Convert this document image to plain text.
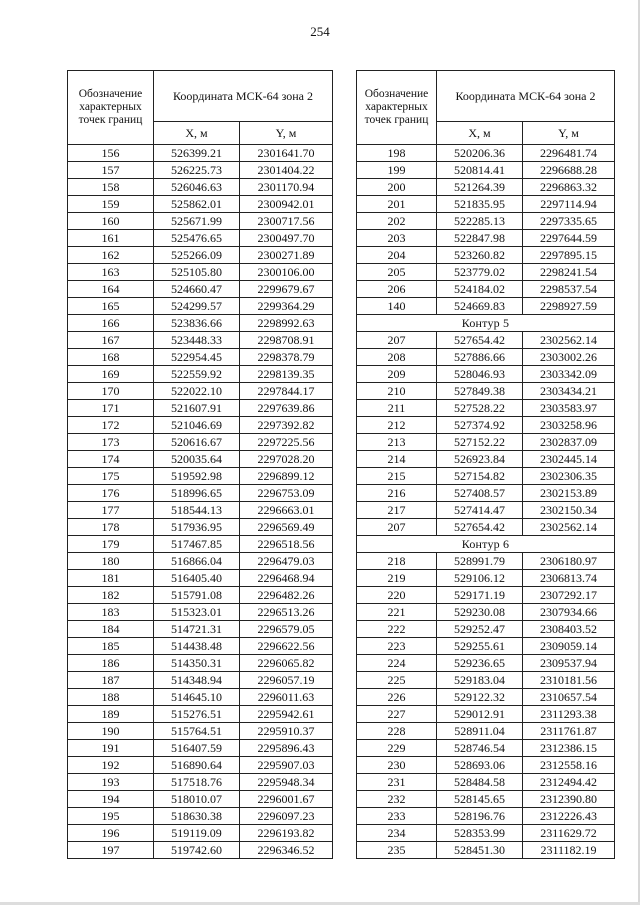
254
Обозначение характерных точек границ	Координата МСК-64 зона 2	
	X, м	Y, м
156	526399.21	2301641.70
157	526225.73	2301404.22
158	526046.63	2301170.94
159	525862.01	2300942.01
160	525671.99	2300717.56
161	525476.65	2300497.70
162	525266.09	2300271.89
163	525105.80	2300106.00
164	524660.47	2299679.67
165	524299.57	2299364.29
166	523836.66	2298992.63
167	523448.33	2298708.91
168	522954.45	2298378.79
169	522559.92	2298139.35
170	522022.10	2297844.17
171	521607.91	2297639.86
172	521046.69	2297392.82
173	520616.67	2297225.56
174	520035.64	2297028.20
175	519592.98	2296899.12
176	518996.65	2296753.09
177	518544.13	2296663.01
178	517936.95	2296569.49
179	517467.85	2296518.56
180	516866.04	2296479.03
181	516405.40	2296468.94
182	515791.08	2296482.26
183	515323.01	2296513.26
184	514721.31	2296579.05
185	514438.48	2296622.56
186	514350.31	2296065.82
187	514348.94	2296057.19
188	514645.10	2296011.63
189	515276.51	2295942.61
190	515764.51	2295910.37
191	516407.59	2295896.43
192	516890.64	2295907.03
193	517518.76	2295948.34
194	518010.07	2296001.67
195	518630.38	2296097.23
196	519119.09	2296193.82
197	519742.60	2296346.52
Обозначение характерных точек границ	Координата МСК-64 зона 2	
	X, м	Y, м
198	520206.36	2296481.74
199	520814.41	2296688.28
200	521264.39	2296863.32
201	521835.95	2297114.94
202	522285.13	2297335.65
203	522847.98	2297644.59
204	523260.82	2297895.15
205	523779.02	2298241.54
206	524184.02	2298537.54
140	524669.83	2298927.59
Контур 5		
207	527654.42	2302562.14
208	527886.66	2303002.26
209	528046.93	2303342.09
210	527849.38	2303434.21
211	527528.22	2303583.97
212	527374.92	2303258.96
213	527152.22	2302837.09
214	526923.84	2302445.14
215	527154.82	2302306.35
216	527408.57	2302153.89
217	527414.47	2302150.34
207	527654.42	2302562.14
Контур 6		
218	528991.79	2306180.97
219	529106.12	2306813.74
220	529171.19	2307292.17
221	529230.08	2307934.66
222	529252.47	2308403.52
223	529255.61	2309059.14
224	529236.65	2309537.94
225	529183.04	2310181.56
226	529122.32	2310657.54
227	529012.91	2311293.38
228	528911.04	2311761.87
229	528746.54	2312386.15
230	528693.06	2312558.16
231	528484.58	2312494.42
232	528145.65	2312390.80
233	528196.76	2312226.43
234	528353.99	2311629.72
235	528451.30	2311182.19
